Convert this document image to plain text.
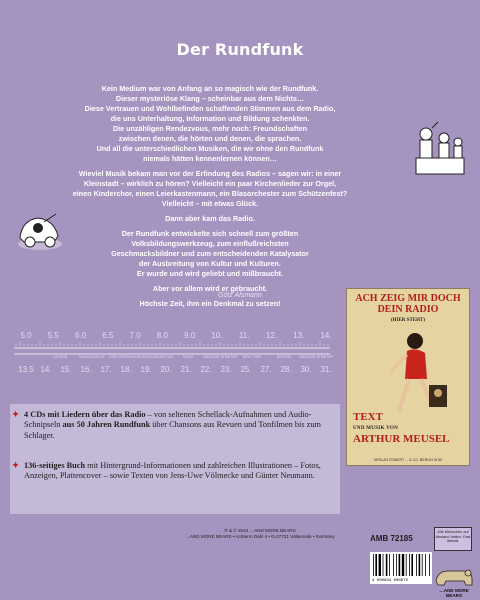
Der Rundfunk

Kein Medium war von Anfang an so magisch wie der Rundfunk.
Dieser mysteriöse Klang – scheinbar aus dem Nichts…
Diese Vertrauen und Wohlbefinden schaffenden Stimmen aus dem Radio,
die uns Unterhaltung, Information und Bildung schenkten.
Die unzähligen Rendezvous, mehr noch: Freundschaften
zwischen denen, die hörten und denen, die sprachen.
Und all die unterschiedlichen Musiken, die wir ohne den Rundfunk
niemals hätten kennenlernen können…

Wieviel Musik bekam man vor der Erfindung des Radios – sagen wir: in einer
Kleinstadt – wirklich zu hören? Vielleicht ein paar Kirchenlieder zur Orgel,
einen Kinderchor, einen Leierkastenmann, ein Blasorchester zum Schützenfest?
Vielleicht – mit etwas Glück.

Dann aber kam das Radio.

Der Rundfunk entwickelte sich schnell zum größten
Volksbildungswerkzeug, zum einflußreichsten
Geschmacksbildner und zum entscheidenden Katalysator
der Ausbreitung von Kultur und Kulturen.
Er wurde und wird geliebt und mißbraucht.

Aber vor allem wird er gebraucht.

Höchste Zeit, ihm ein Denkmal zu setzen!

Götz Alsmann
5.0 5.5 6.0 6.5 7.0 8.0 9.0 10. 11. 12. 13. 14.
13.5 14. 15. 16. 17. 18. 19. 20. 21. 22. 23. 25. 27. 28. 30. 31.
LONDON	CANADA BRAZIL CARO GREENWICH
LONDON ARGENTINA	ROMA	AMATEUR 15 METER NEW YORK	BOSTON AMATEUR 10 METER
ACH ZEIG MIR DOCH DEIN RADIO
(HIER STEHT)
TEXT
UND MUSIK VON
ARTHUR MEUSEL
VERLAG ROBERT ... & CO. BERLIN W 50
✦ 4 CDs mit Liedern über das Radio – von seltenen Schellack-Aufnahmen und Audio-Schnipseln aus 50 Jahren Rundfunk über Chansons aus Revuen und Tonfilmen bis zum Schlager.
✦ 136-seitiges Buch mit Hintergrund-Informationen und zahlreichen Illustrationen – Fotos, Anzeigen, Plattencover – sowie Texten von Jens-Uwe Völmecke und Günter Neumann.
℗ & © 2024 …AND MORE BEARS
…AND MORE BEARS • Achterm Dahl 4 • D-27721 Vollersode • Germany	AMB 72185
4 000034 000075
Alle Menschen auf Abstand halten. Fast überall.
…AND MORE BEARS
